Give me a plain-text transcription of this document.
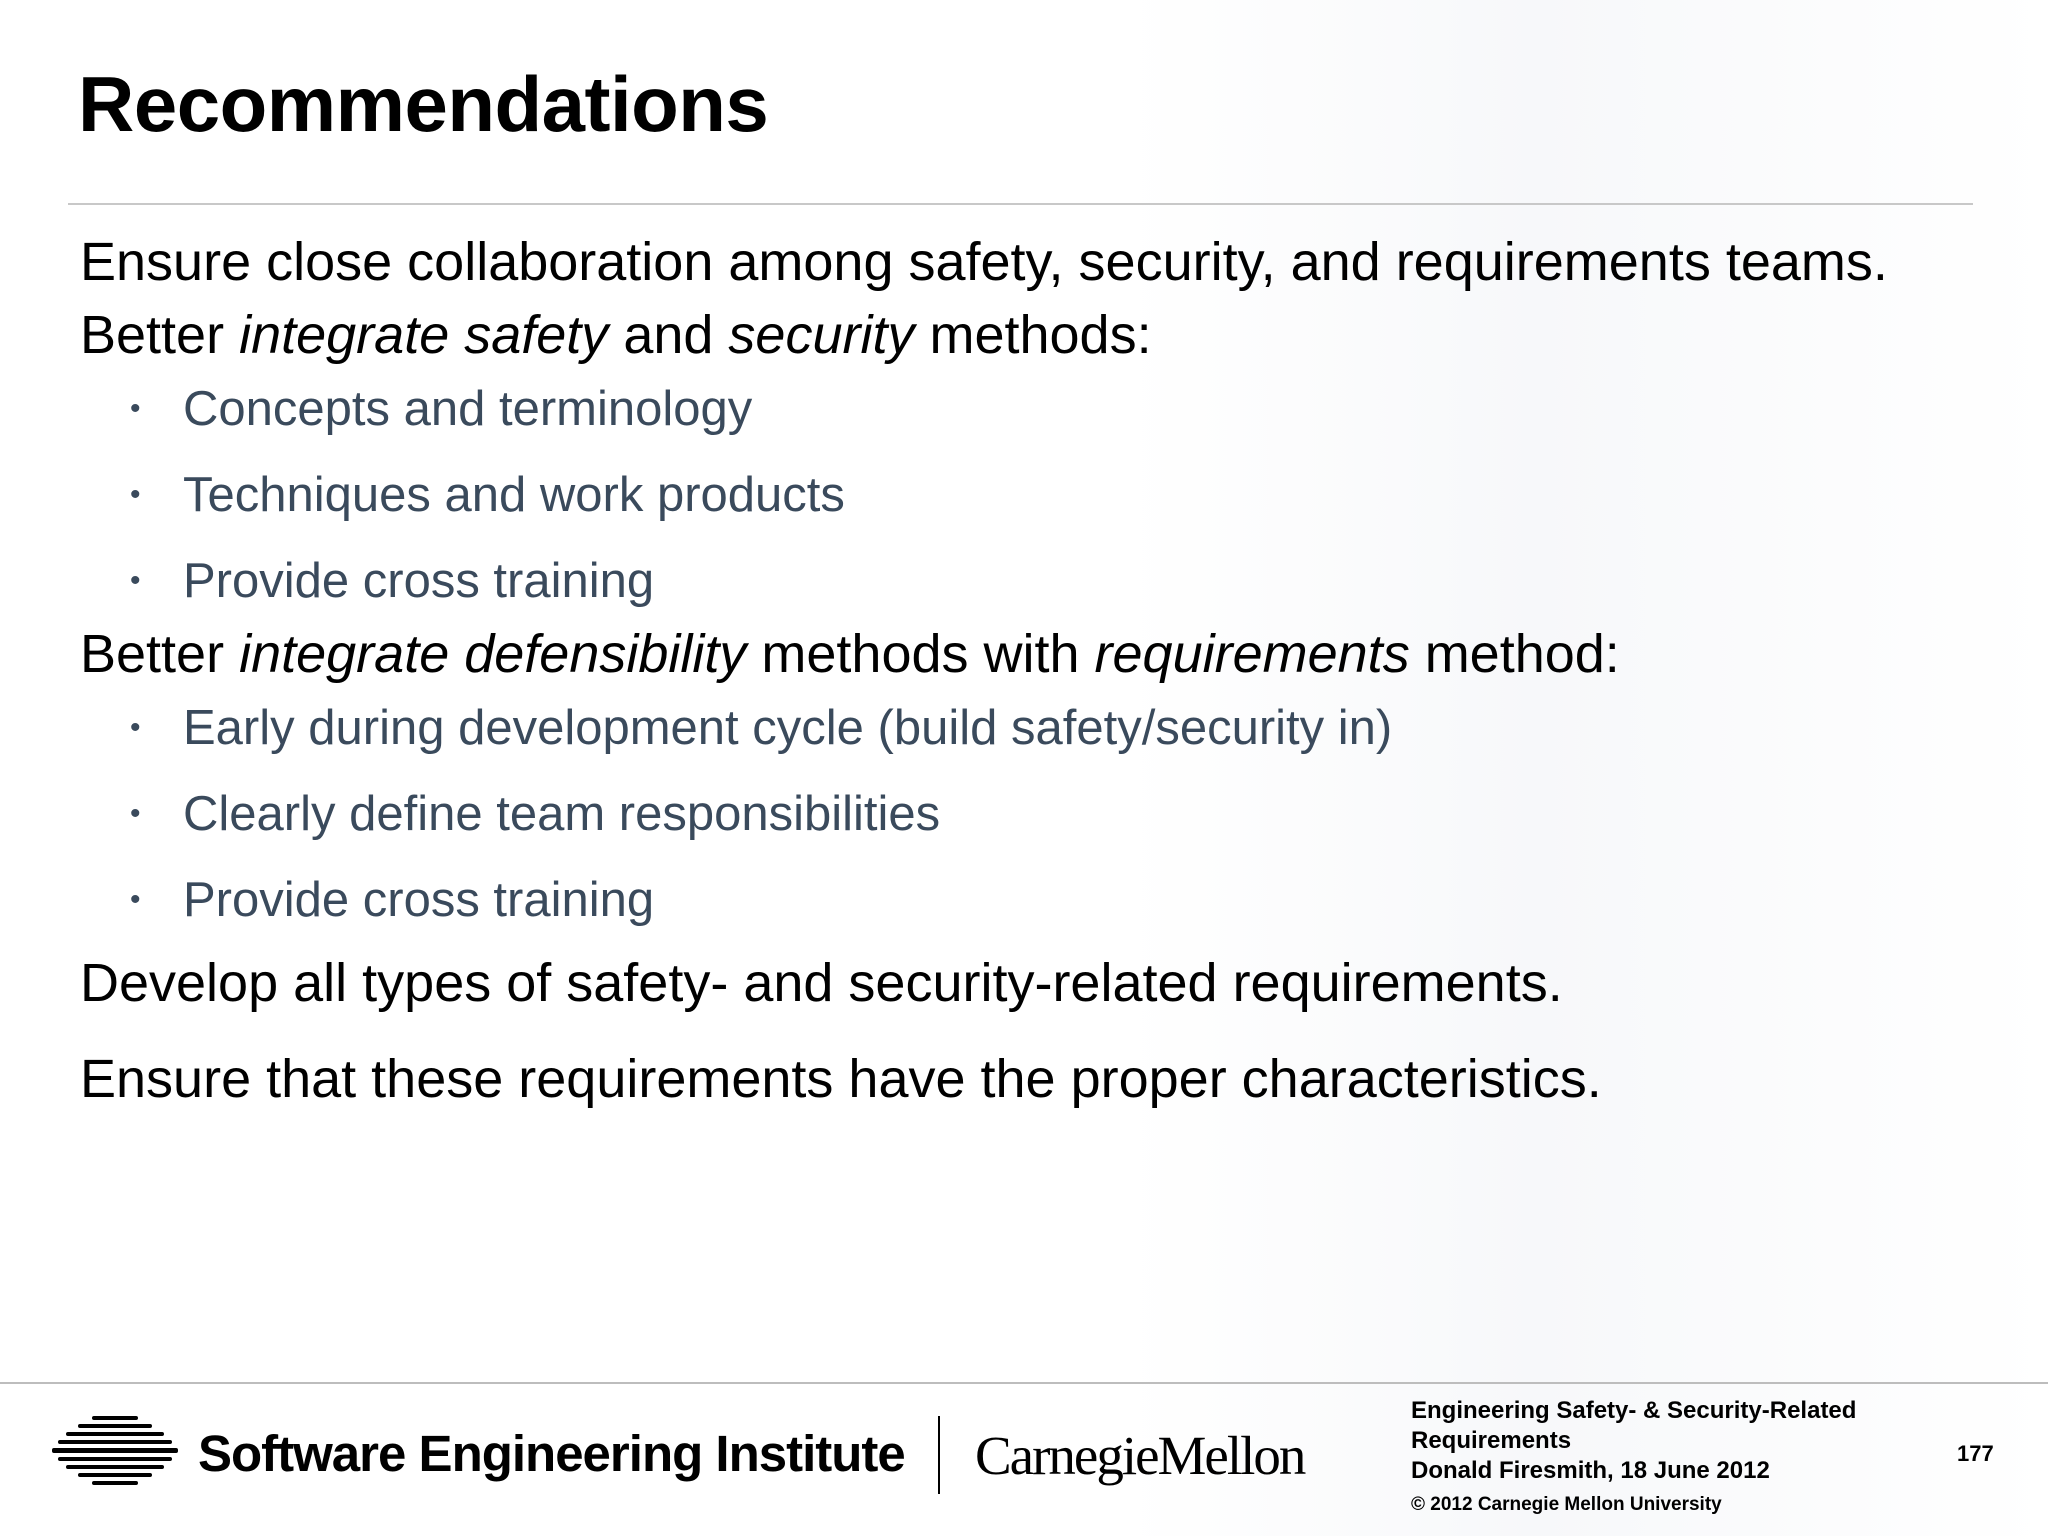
Recommendations

Ensure close collaboration among safety, security, and requirements teams.

Better integrate safety and security methods:

• Concepts and terminology
• Techniques and work products
• Provide cross training

Better integrate defensibility methods with requirements method:

• Early during development cycle (build safety/security in)
• Clearly define team responsibilities
• Provide cross training

Develop all types of safety- and security-related requirements.

Ensure that these requirements have the proper characteristics.

Software Engineering Institute CarnegieMellon
Engineering Safety- & Security-Related
Requirements
Donald Firesmith, 18 June 2012
© 2012 Carnegie Mellon University
177
